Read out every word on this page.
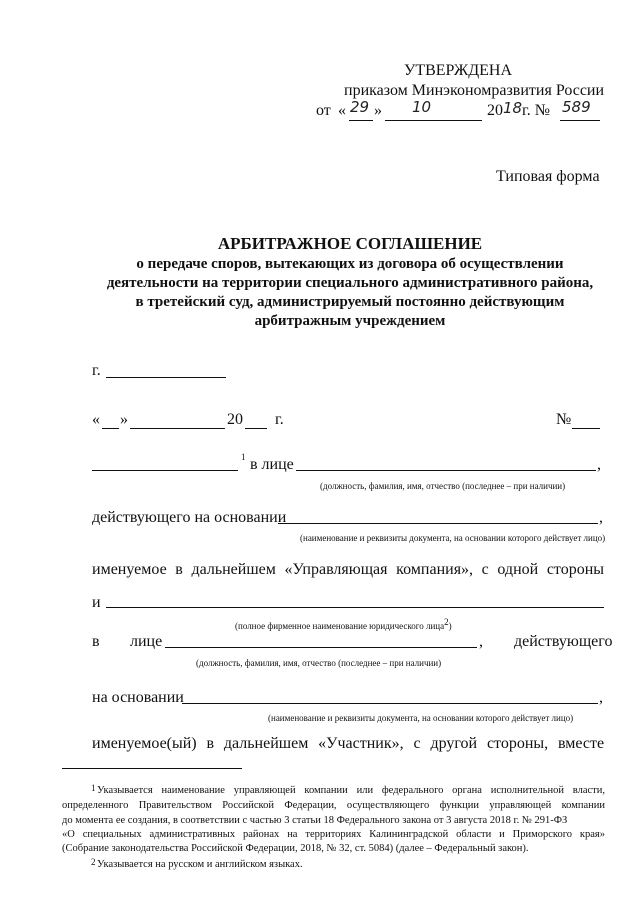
УТВЕРЖДЕНА
приказом Минэкономразвития России
от « 29 » 10	20 18 г. № 589
Типовая форма
АРБИТРАЖНОЕ СОГЛАШЕНИЕ
о передаче споров, вытекающих из договора об осуществлении
деятельности на территории специального административного района,
в третейский суд, администрируемый постоянно действующим
арбитражным учреждением
г.
« »	20 г.	№
1 в лице	,
(должность, фамилия, имя, отчество (последнее – при наличии)
действующего на основании	,
(наименование и реквизиты документа, на основании которого действует лицо)
именуемое в дальнейшем «Управляющая компания», с одной стороны
и
(полное фирменное наименование юридического лица$^2$)
в лице	, действующего
(должность, фамилия, имя, отчество (последнее – при наличии)
на основании	,
(наименование и реквизиты документа, на основании которого действует лицо)
именуемое(ый) в дальнейшем «Участник», с другой стороны, вместе
1 Указывается наименование управляющей компании или федерального органа исполнительной власти,
определенного Правительством Российской Федерации, осуществляющего функции управляющей компании
до момента ее создания, в соответствии с частью 3 статьи 18 Федерального закона от 3 августа 2018 г. № 291-ФЗ
«О специальных административных районах на территориях Калининградской области и Приморского края»
(Собрание законодательства Российской Федерации, 2018, № 32, ст. 5084) (далее – Федеральный закон).
2 Указывается на русском и английском языках.
